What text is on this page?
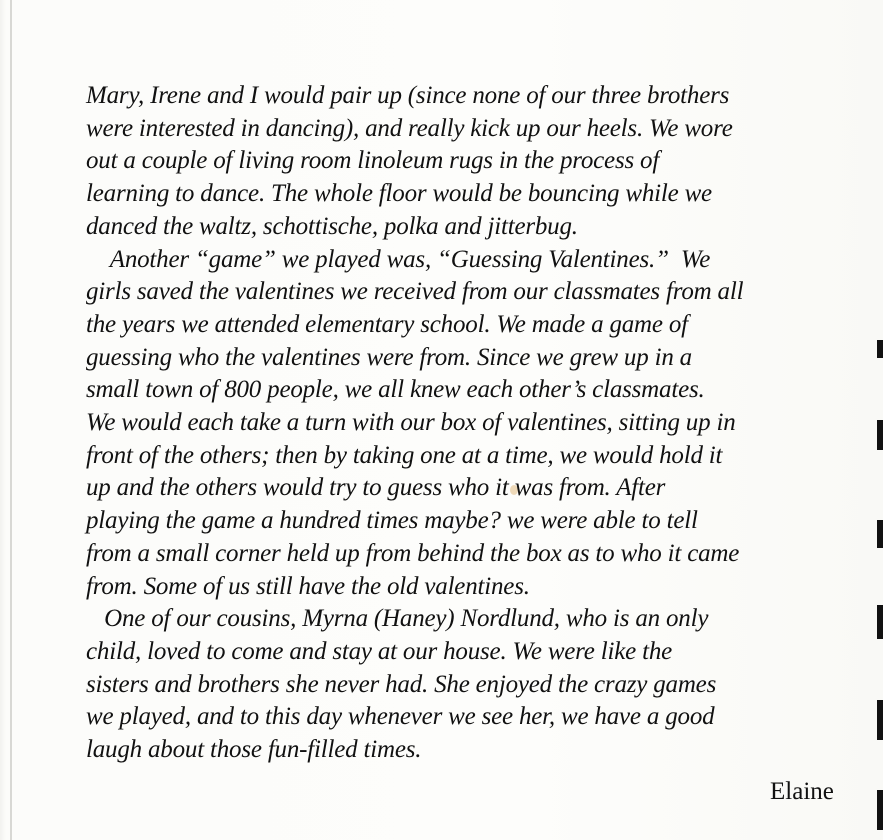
Mary, Irene and I would pair up (since none of our three brothers
were interested in dancing), and really kick up our heels. We wore
out a couple of living room linoleum rugs in the process of
learning to dance. The whole floor would be bouncing while we
danced the waltz, schottische, polka and jitterbug.
Another “game” we played was, “Guessing Valentines.”  We
girls saved the valentines we received from our classmates from all
the years we attended elementary school. We made a game of
guessing who the valentines were from. Since we grew up in a
small town of 800 people, we all knew each other’s classmates.
We would each take a turn with our box of valentines, sitting up in
front of the others; then by taking one at a time, we would hold it
up and the others would try to guess who it was from. After
playing the game a hundred times maybe? we were able to tell
from a small corner held up from behind the box as to who it came
from. Some of us still have the old valentines.
One of our cousins, Myrna (Haney) Nordlund, who is an only
child, loved to come and stay at our house. We were like the
sisters and brothers she never had. She enjoyed the crazy games
we played, and to this day whenever we see her, we have a good
laugh about those fun-filled times.
Elaine
